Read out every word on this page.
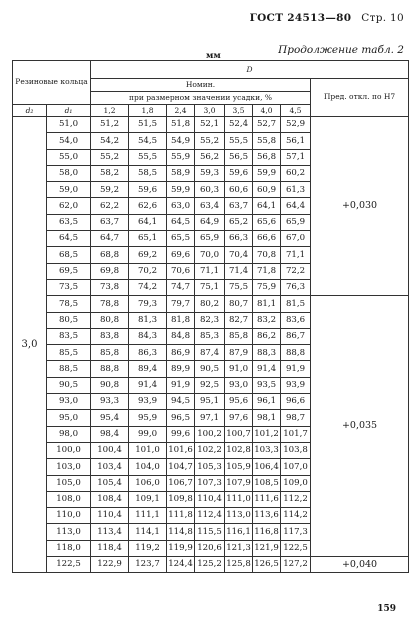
ГОСТ 24513—80 Стр. 10
Продолжение табл. 2
мм
Резиновые кольца		D							
		Номин.							Пред. откл. по Н7
		при размерном значении усадки, %							
d₂	d₁	1,2	1,8	2,4	3,0	3,5	4,0	4,5	
3,0	51,0	51,2	51,5	51,8	52,1	52,4	52,7	52,9	+0,030
	54,0	54,2	54,5	54,9	55,2	55,5	55,8	56,1	
	55,0	55,2	55,5	55,9	56,2	56,5	56,8	57,1	
	58,0	58,2	58,5	58,9	59,3	59,6	59,9	60,2	
	59,0	59,2	59,6	59,9	60,3	60,6	60,9	61,3	
	62,0	62,2	62,6	63,0	63,4	63,7	64,1	64,4	
	63,5	63,7	64,1	64,5	64,9	65,2	65,6	65,9	
	64,5	64,7	65,1	65,5	65,9	66,3	66,6	67,0	
	68,5	68,8	69,2	69,6	70,0	70,4	70,8	71,1	
	69,5	69,8	70,2	70,6	71,1	71,4	71,8	72,2	
	73,5	73,8	74,2	74,7	75,1	75,5	75,9	76,3	
	78,5	78,8	79,3	79,7	80,2	80,7	81,1	81,5	+0,035
	80,5	80,8	81,3	81,8	82,3	82,7	83,2	83,6	
	83,5	83,8	84,3	84,8	85,3	85,8	86,2	86,7	
	85,5	85,8	86,3	86,9	87,4	87,9	88,3	88,8	
	88,5	88,8	89,4	89,9	90,5	91,0	91,4	91,9	
	90,5	90,8	91,4	91,9	92,5	93,0	93,5	93,9	
	93,0	93,3	93,9	94,5	95,1	95,6	96,1	96,6	
	95,0	95,4	95,9	96,5	97,1	97,6	98,1	98,7	
	98,0	98,4	99,0	99,6	100,2	100,7	101,2	101,7	
	100,0	100,4	101,0	101,6	102,2	102,8	103,3	103,8	
	103,0	103,4	104,0	104,7	105,3	105,9	106,4	107,0	
	105,0	105,4	106,0	106,7	107,3	107,9	108,5	109,0	
	108,0	108,4	109,1	109,8	110,4	111,0	111,6	112,2	
	110,0	110,4	111,1	111,8	112,4	113,0	113,6	114,2	
	113,0	113,4	114,1	114,8	115,5	116,1	116,8	117,3	
	118,0	118,4	119,2	119,9	120,6	121,3	121,9	122,5	
	122,5	122,9	123,7	124,4	125,2	125,8	126,5	127,2	+0,040
159
